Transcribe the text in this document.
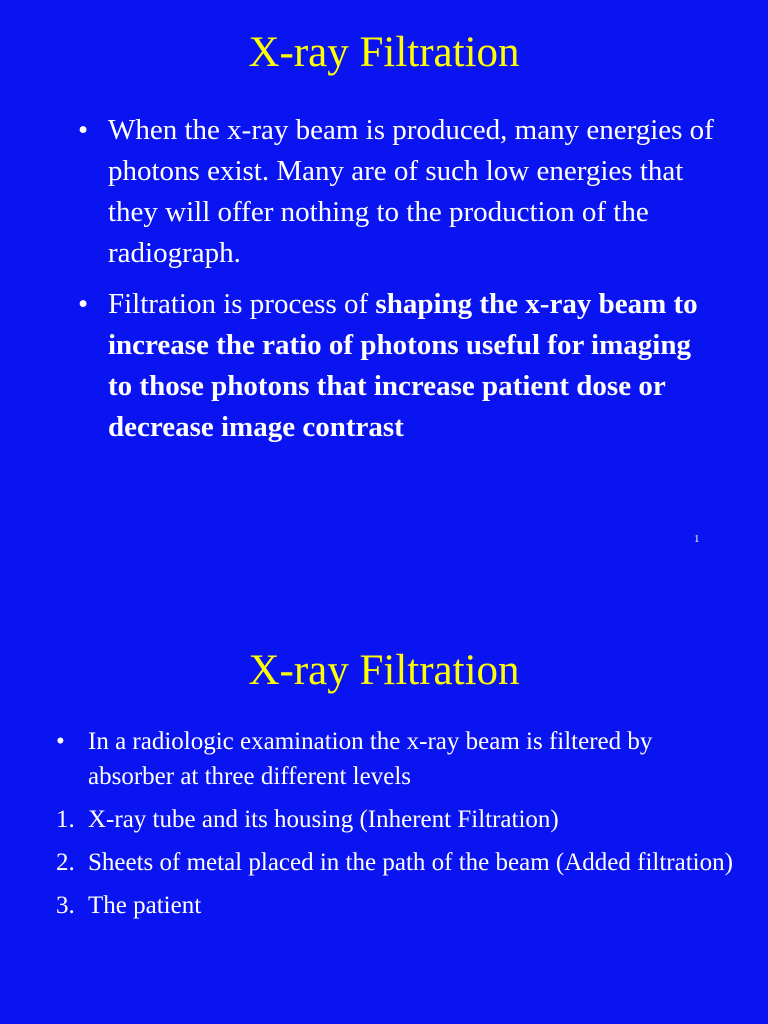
X-ray Filtration
• When the x-ray beam is produced, many energies of photons exist. Many are of such low energies that they will offer nothing to the production of the radiograph.
• Filtration is process of shaping the x-ray beam to increase the ratio of photons useful for imaging to those photons that increase patient dose or decrease image contrast
1
X-ray Filtration
• In a radiologic examination the x-ray beam is filtered by absorber at three different levels
1. X-ray tube and its housing (Inherent Filtration)
2. Sheets of metal placed in the path of the beam (Added filtration)
3. The patient
